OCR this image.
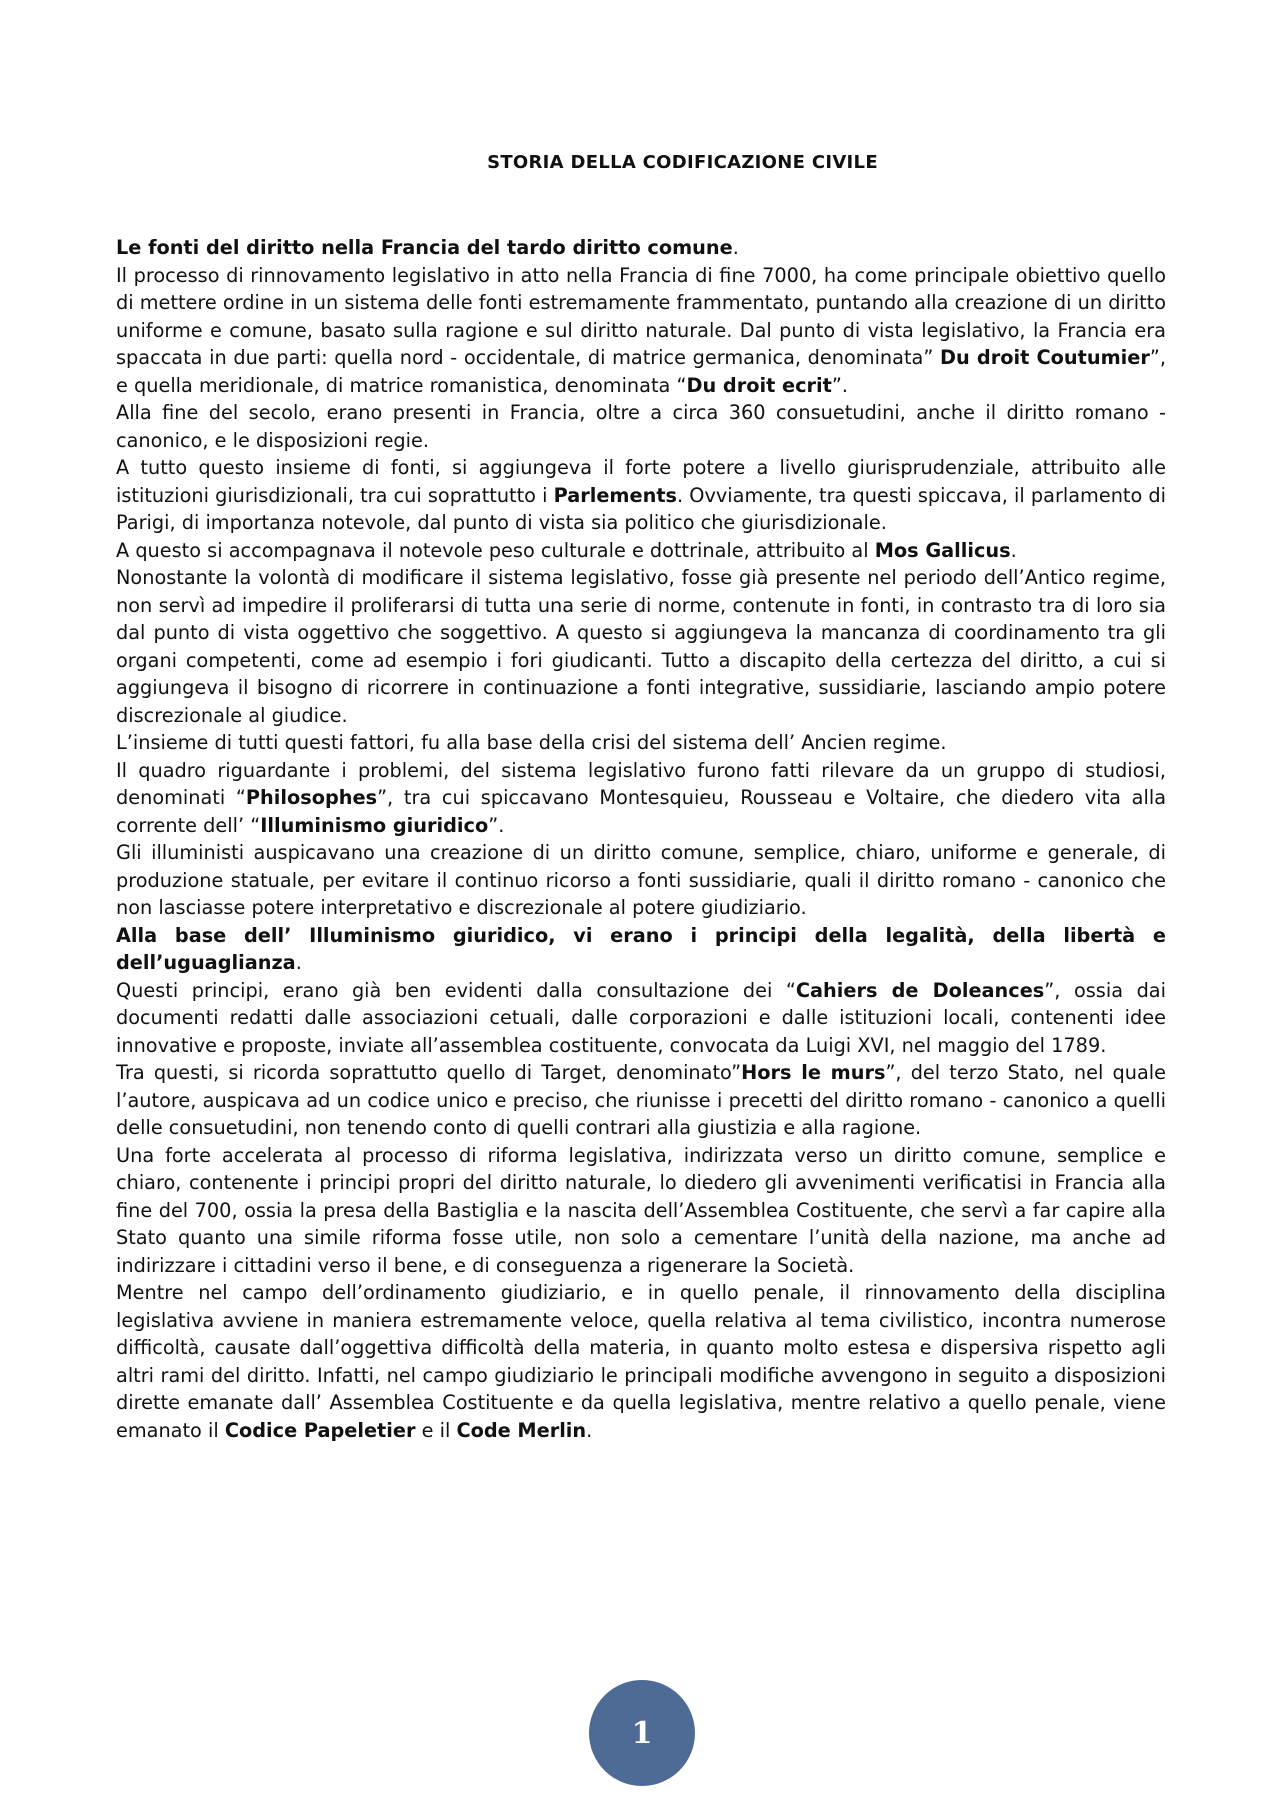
STORIA DELLA CODIFICAZIONE CIVILE

Le fonti del diritto nella Francia del tardo diritto comune.

Il processo di rinnovamento legislativo in atto nella Francia di fine 7000, ha come principale obiettivo quello di mettere ordine in un sistema delle fonti estremamente frammentato, puntando alla creazione di un diritto uniforme e comune, basato sulla ragione e sul diritto naturale. Dal punto di vista legislativo, la Francia era spaccata in due parti: quella nord - occidentale, di matrice germanica, denominata” Du droit Coutumier”, e quella meridionale, di matrice romanistica, denominata “Du droit ecrit”.

Alla fine del secolo, erano presenti in Francia, oltre a circa 360 consuetudini, anche il diritto romano - canonico, e le disposizioni regie.

A tutto questo insieme di fonti, si aggiungeva il forte potere a livello giurisprudenziale, attribuito alle istituzioni giurisdizionali, tra cui soprattutto i Parlements. Ovviamente, tra questi spiccava, il parlamento di Parigi, di importanza notevole, dal punto di vista sia politico che giurisdizionale.

A questo si accompagnava il notevole peso culturale e dottrinale, attribuito al Mos Gallicus.

Nonostante la volontà di modificare il sistema legislativo, fosse già presente nel periodo dell’Antico regime, non servì ad impedire il proliferarsi di tutta una serie di norme, contenute in fonti, in contrasto tra di loro sia dal punto di vista oggettivo che soggettivo. A questo si aggiungeva la mancanza di coordinamento tra gli organi competenti, come ad esempio i fori giudicanti. Tutto a discapito della certezza del diritto, a cui si aggiungeva il bisogno di ricorrere in continuazione a fonti integrative, sussidiarie, lasciando ampio potere discrezionale al giudice.

L’insieme di tutti questi fattori, fu alla base della crisi del sistema dell’ Ancien regime.

Il quadro riguardante i problemi, del sistema legislativo furono fatti rilevare da un gruppo di studiosi, denominati “Philosophes”, tra cui spiccavano Montesquieu, Rousseau e Voltaire, che diedero vita alla corrente dell’ “Illuminismo giuridico”.

Gli illuministi auspicavano una creazione di un diritto comune, semplice, chiaro, uniforme e generale, di produzione statuale, per evitare il continuo ricorso a fonti sussidiarie, quali il diritto romano - canonico che non lasciasse potere interpretativo e discrezionale al potere giudiziario.

Alla base dell’ Illuminismo giuridico, vi erano i principi della legalità, della libertà e dell’uguaglianza.

Questi principi, erano già ben evidenti dalla consultazione dei “Cahiers de Doleances”, ossia dai documenti redatti dalle associazioni cetuali, dalle corporazioni e dalle istituzioni locali, contenenti idee innovative e proposte, inviate all’assemblea costituente, convocata da Luigi XVI, nel maggio del 1789.

Tra questi, si ricorda soprattutto quello di Target, denominato”Hors le murs”, del terzo Stato, nel quale l’autore, auspicava ad un codice unico e preciso, che riunisse i precetti del diritto romano - canonico a quelli delle consuetudini, non tenendo conto di quelli contrari alla giustizia e alla ragione.

Una forte accelerata al processo di riforma legislativa, indirizzata verso un diritto comune, semplice e chiaro, contenente i principi propri del diritto naturale, lo diedero gli avvenimenti verificatisi in Francia alla fine del 700, ossia la presa della Bastiglia e la nascita dell’Assemblea Costituente, che servì a far capire alla Stato quanto una simile riforma fosse utile, non solo a cementare l’unità della nazione, ma anche ad indirizzare i cittadini verso il bene, e di conseguenza a rigenerare la Società.

Mentre nel campo dell’ordinamento giudiziario, e in quello penale, il rinnovamento della disciplina legislativa avviene in maniera estremamente veloce, quella relativa al tema civilistico, incontra numerose difficoltà, causate dall’oggettiva difficoltà della materia, in quanto molto estesa e dispersiva rispetto agli altri rami del diritto. Infatti, nel campo giudiziario le principali modifiche avvengono in seguito a disposizioni dirette emanate dall’ Assemblea Costituente e da quella legislativa, mentre relativo a quello penale, viene emanato il Codice Papeletier e il Code Merlin.

1
